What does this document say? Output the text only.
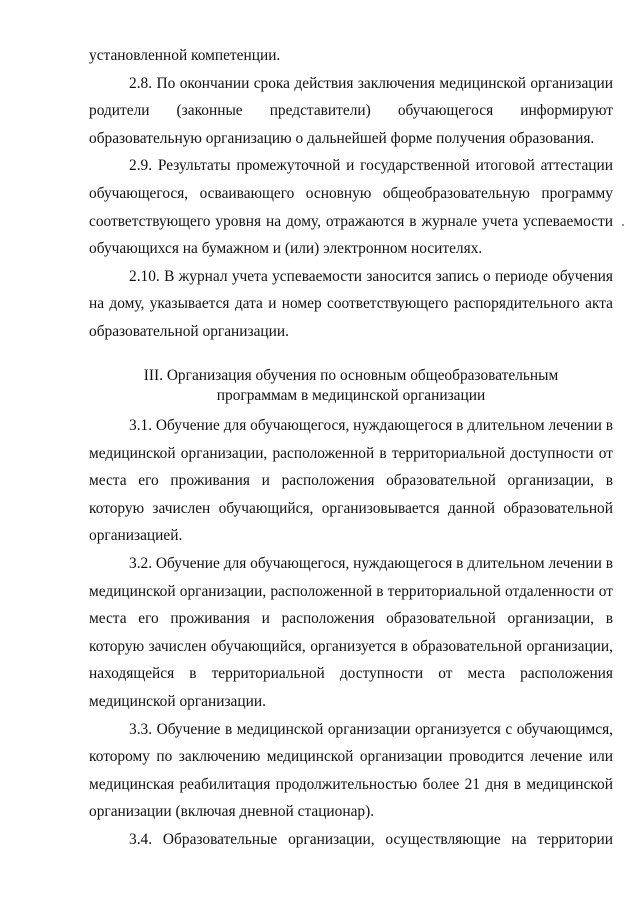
установленной компетенции.

2.8. По окончании срока действия заключения медицинской организации родители (законные представители) обучающегося информируют образовательную организацию о дальнейшей форме получения образования.

2.9. Результаты промежуточной и государственной итоговой аттестации обучающегося, осваивающего основную общеобразовательную программу соответствующего уровня на дому, отражаются в журнале учета успеваемости обучающихся на бумажном и (или) электронном носителях.

2.10. В журнал учета успеваемости заносится запись о периоде обучения на дому, указывается дата и номер соответствующего распорядительного акта образовательной организации.

III. Организация обучения по основным общеобразовательным

программам в медицинской организации

3.1. Обучение для обучающегося, нуждающегося в длительном лечении в медицинской организации, расположенной в территориальной доступности от места его проживания и расположения образовательной организации, в которую зачислен обучающийся, организовывается данной образовательной организацией.

3.2. Обучение для обучающегося, нуждающегося в длительном лечении в медицинской организации, расположенной в территориальной отдаленности от места его проживания и расположения образовательной организации, в которую зачислен обучающийся, организуется в образовательной организации, находящейся в территориальной доступности от места расположения медицинской организации.

3.3. Обучение в медицинской организации организуется с обучающимся, которому по заключению медицинской организации проводится лечение или медицинская реабилитация продолжительностью более 21 дня в медицинской организации (включая дневной стационар).

3.4. Образовательные организации, осуществляющие на территории
